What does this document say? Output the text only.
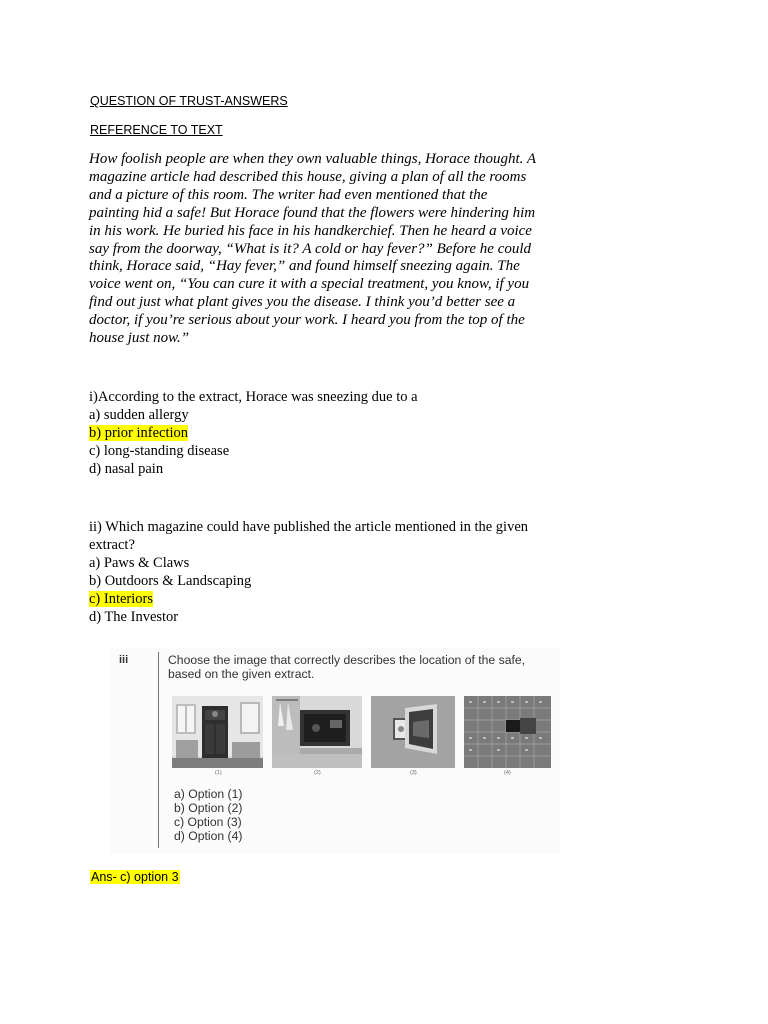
QUESTION OF TRUST-ANSWERS
REFERENCE TO TEXT

How foolish people are when they own valuable things, Horace thought. A magazine article had described this house, giving a plan of all the rooms and a picture of this room. The writer had even mentioned that the painting hid a safe! But Horace found that the flowers were hindering him in his work. He buried his face in his handkerchief. Then he heard a voice say from the doorway, “What is it? A cold or hay fever?” Before he could think, Horace said, “Hay fever,” and found himself sneezing again. The voice went on, “You can cure it with a special treatment, you know, if you find out just what plant gives you the disease. I think you’d better see a doctor, if you’re serious about your work. I heard you from the top of the house just now.”

i)According to the extract, Horace was sneezing due to a
a) sudden allergy
b) prior infection
c) long-standing disease
d) nasal pain
ii) Which magazine could have published the article mentioned in the given extract?
a) Paws & Claws
b) Outdoors & Landscaping
c) Interiors
d) The Investor
iii	Choose the image that correctly describes the location of the safe, based on the given extract.
(1)	(2)	(3)	(4)
a) Option (1)
b) Option (2)
c) Option (3)
d) Option (4)
Ans- c) option 3
